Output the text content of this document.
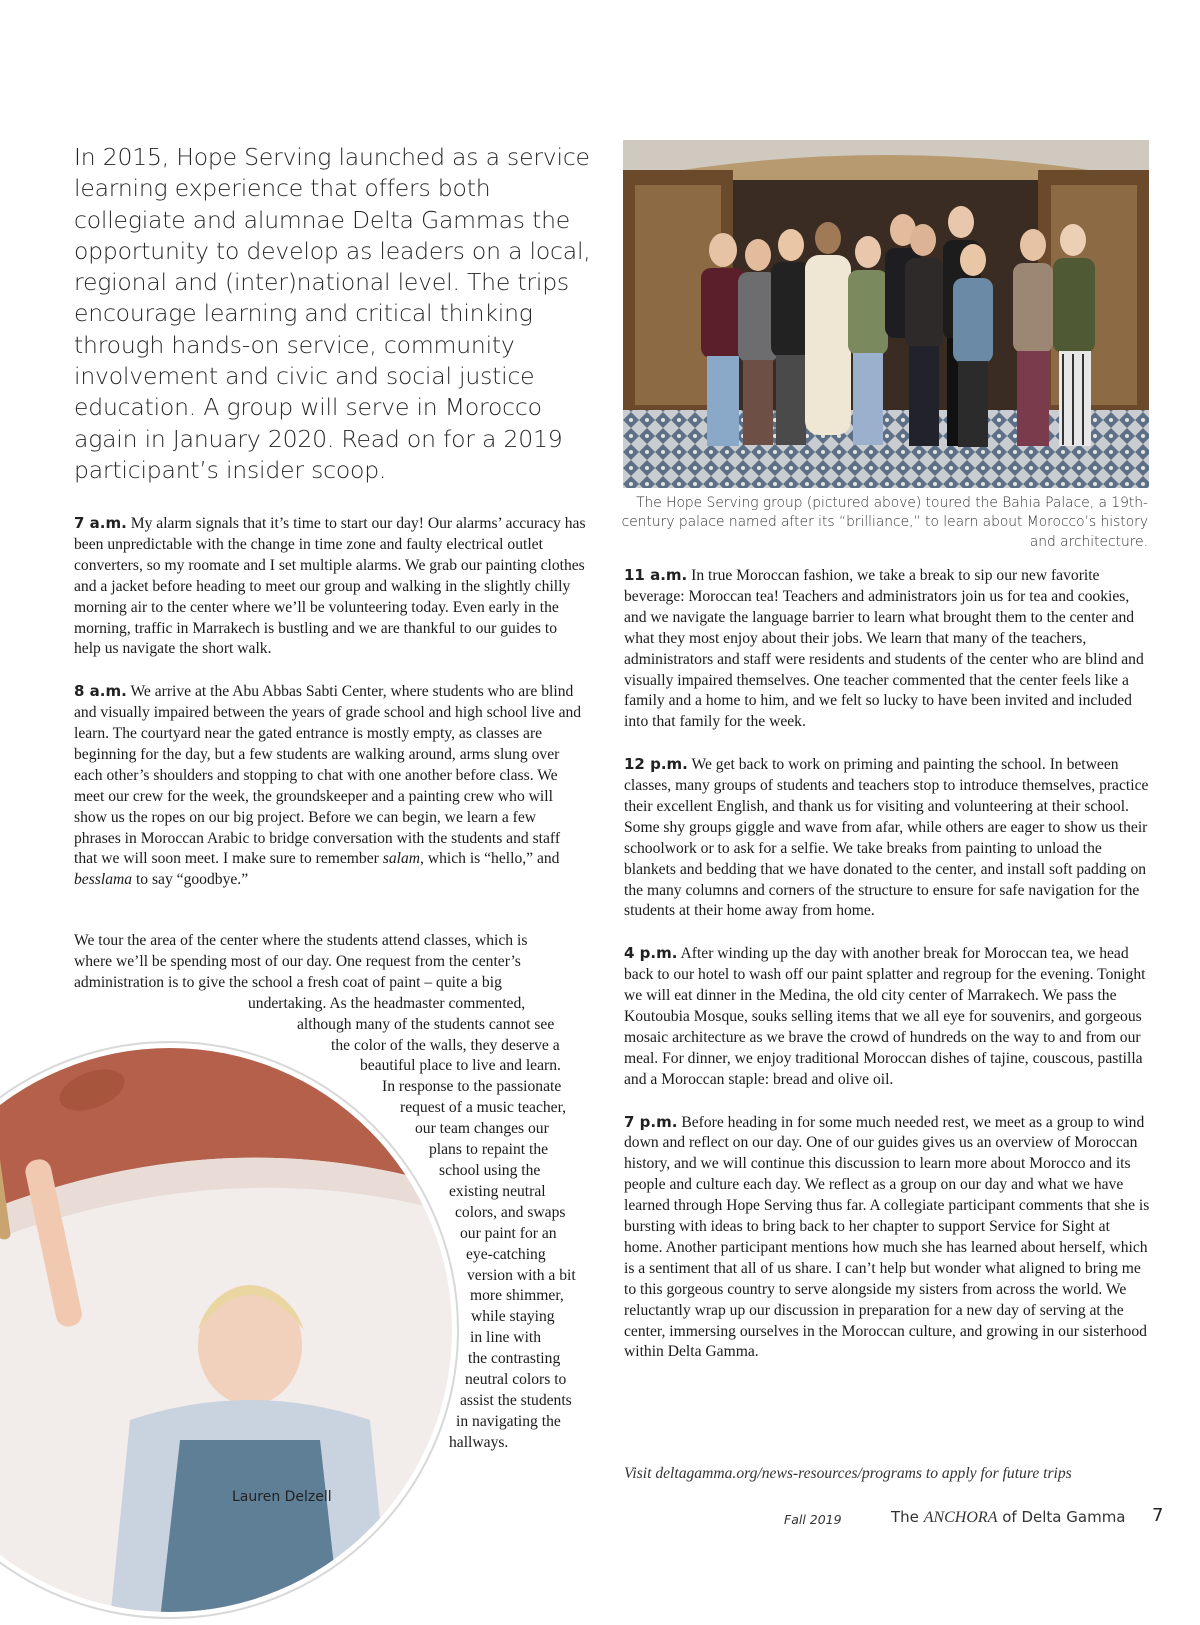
In 2015, Hope Serving launched as a service learning experience that offers both collegiate and alumnae Delta Gammas the opportunity to develop as leaders on a local, regional and (inter)national level. The trips encourage learning and critical thinking through hands-on service, community involvement and civic and social justice education. A group will serve in Morocco again in January 2020. Read on for a 2019 participant’s insider scoop.

7 a.m. My alarm signals that it’s time to start our day! Our alarms’ accuracy has been unpredictable with the change in time zone and faulty electrical outlet converters, so my roomate and I set multiple alarms. We grab our painting clothes and a jacket before heading to meet our group and walking in the slightly chilly morning air to the center where we’ll be volunteering today. Even early in the morning, traffic in Marrakech is bustling and we are thankful to our guides to help us navigate the short walk.

8 a.m. We arrive at the Abu Abbas Sabti Center, where students who are blind and visually impaired between the years of grade school and high school live and learn. The courtyard near the gated entrance is mostly empty, as classes are beginning for the day, but a few students are walking around, arms slung over each other’s shoulders and stopping to chat with one another before class. We meet our crew for the week, the groundskeeper and a painting crew who will show us the ropes on our big project. Before we can begin, we learn a few phrases in Moroccan Arabic to bridge conversation with the students and staff that we will soon meet. I make sure to remember salam, which is “hello,” and besslama to say “goodbye.”

We tour the area of the center where the students attend classes, which is
where we’ll be spending most of our day. One request from the center’s
administration is to give the school a fresh coat of paint – quite a big
undertaking. As the headmaster commented,
although many of the students cannot see
the color of the walls, they deserve a
beautiful place to live and learn.
In response to the passionate
request of a music teacher,
our team changes our
plans to repaint the
school using the
existing neutral
colors, and swaps
our paint for an
eye-catching
version with a bit
more shimmer,
while staying
in line with
the contrasting
neutral colors to
assist the students
in navigating the
hallways.
The Hope Serving group (pictured above) toured the Bahia Palace, a 19th-century palace named after its “brilliance,” to learn about Morocco’s history and architecture.

11 a.m. In true Moroccan fashion, we take a break to sip our new favorite beverage: Moroccan tea! Teachers and administrators join us for tea and cookies, and we navigate the language barrier to learn what brought them to the center and what they most enjoy about their jobs. We learn that many of the teachers, administrators and staff were residents and students of the center who are blind and visually impaired themselves. One teacher commented that the center feels like a family and a home to him, and we felt so lucky to have been invited and included into that family for the week.

12 p.m. We get back to work on priming and painting the school. In between classes, many groups of students and teachers stop to introduce themselves, practice their excellent English, and thank us for visiting and volunteering at their school. Some shy groups giggle and wave from afar, while others are eager to show us their schoolwork or to ask for a selfie. We take breaks from painting to unload the blankets and bedding that we have donated to the center, and install soft padding on the many columns and corners of the structure to ensure for safe navigation for the students at their home away from home.

4 p.m. After winding up the day with another break for Moroccan tea, we head back to our hotel to wash off our paint splatter and regroup for the evening. Tonight we will eat dinner in the Medina, the old city center of Marrakech. We pass the Koutoubia Mosque, souks selling items that we all eye for souvenirs, and gorgeous mosaic architecture as we brave the crowd of hundreds on the way to and from our meal. For dinner, we enjoy traditional Moroccan dishes of tajine, couscous, pastilla and a Moroccan staple: bread and olive oil.

7 p.m. Before heading in for some much needed rest, we meet as a group to wind down and reflect on our day. One of our guides gives us an overview of Moroccan history, and we will continue this discussion to learn more about Morocco and its people and culture each day. We reflect as a group on our day and what we have learned through Hope Serving thus far. A collegiate participant comments that she is bursting with ideas to bring back to her chapter to support Service for Sight at home. Another participant mentions how much she has learned about herself, which is a sentiment that all of us share. I can’t help but wonder what aligned to bring me to this gorgeous country to serve alongside my sisters from across the world. We reluctantly wrap up our discussion in preparation for a new day of serving at the center, immersing ourselves in the Moroccan culture, and growing in our sisterhood within Delta Gamma.

Lauren Delzell
Visit deltagamma.org/news-resources/programs to apply for future trips
Fall 2019	The ANCHORA of Delta Gamma 7
